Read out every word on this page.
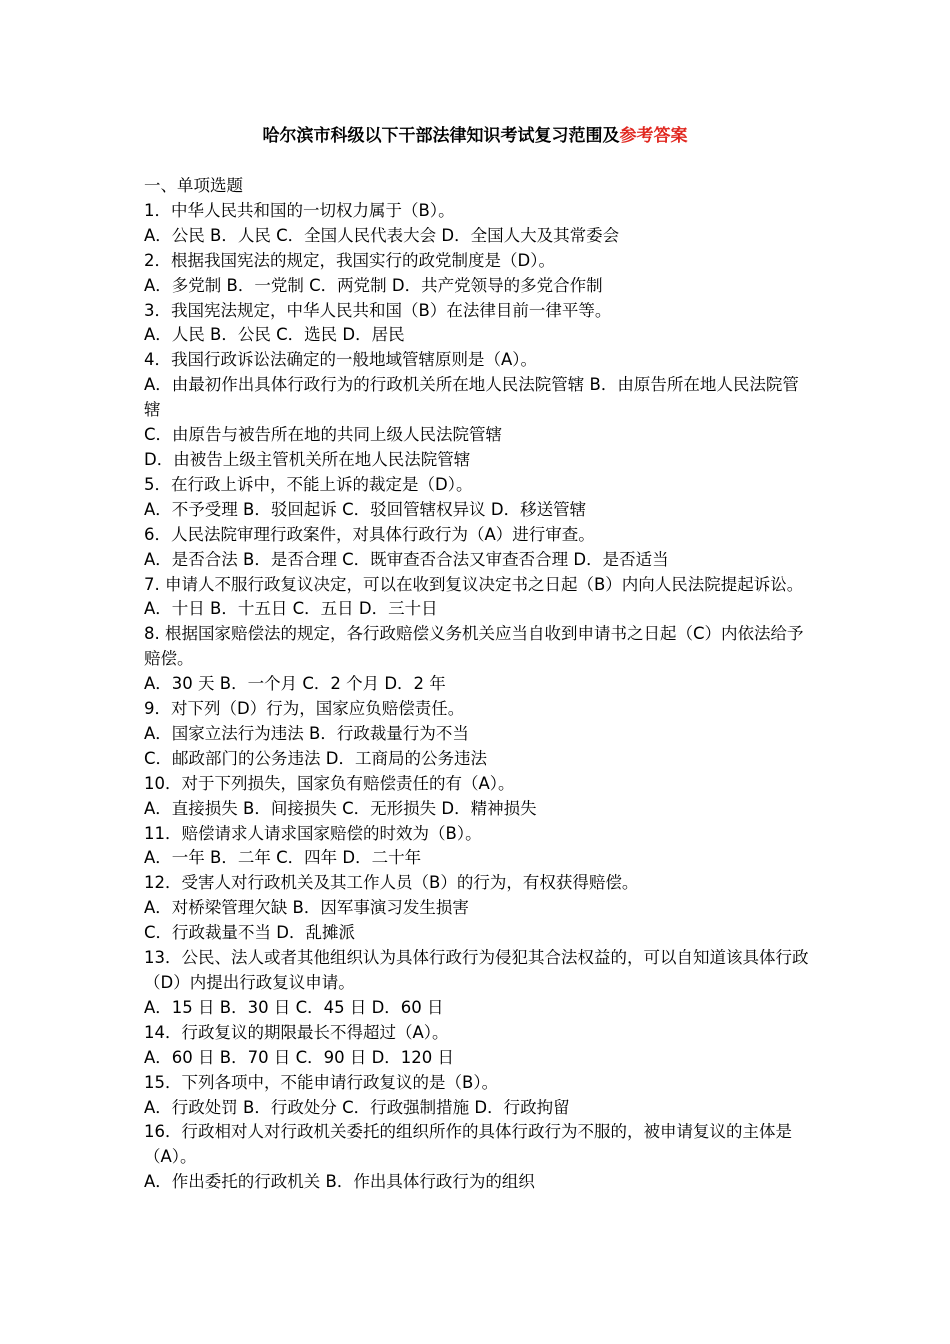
哈尔滨市科级以下干部法律知识考试复习范围及参考答案
一、单项选题
1．中华人民共和国的一切权力属于（B）。
A．公民 B．人民 C．全国人民代表大会 D．全国人大及其常委会
2．根据我国宪法的规定，我国实行的政党制度是（D）。
A．多党制 B．一党制 C．两党制 D．共产党领导的多党合作制
3．我国宪法规定，中华人民共和国（B）在法律目前一律平等。
A．人民 B．公民 C．选民 D．居民
4．我国行政诉讼法确定的一般地域管辖原则是（A）。
A．由最初作出具体行政行为的行政机关所在地人民法院管辖 B．由原告所在地人民法院管辖
C．由原告与被告所在地的共同上级人民法院管辖
D．由被告上级主管机关所在地人民法院管辖
5．在行政上诉中，不能上诉的裁定是（D）。
A．不予受理 B．驳回起诉 C．驳回管辖权异议 D．移送管辖
6．人民法院审理行政案件，对具体行政行为（A）进行审查。
A．是否合法 B．是否合理 C．既审查否合法又审查否合理 D．是否适当
7. 申请人不服行政复议决定，可以在收到复议决定书之日起（B）内向人民法院提起诉讼。
A．十日 B．十五日 C．五日 D．三十日
8. 根据国家赔偿法的规定，各行政赔偿义务机关应当自收到申请书之日起（C）内依法给予赔偿。
A．30 天 B．一个月 C．2 个月 D．2 年
9．对下列（D）行为，国家应负赔偿责任。
A．国家立法行为违法 B．行政裁量行为不当
C．邮政部门的公务违法 D．工商局的公务违法
10．对于下列损失，国家负有赔偿责任的有（A）。
A．直接损失 B．间接损失 C．无形损失 D．精神损失
11．赔偿请求人请求国家赔偿的时效为（B）。
A．一年 B．二年 C．四年 D．二十年
12．受害人对行政机关及其工作人员（B）的行为，有权获得赔偿。
A．对桥梁管理欠缺 B．因军事演习发生损害
C．行政裁量不当 D．乱摊派
13．公民、法人或者其他组织认为具体行政行为侵犯其合法权益的，可以自知道该具体行政（D）内提出行政复议申请。
A．15 日 B．30 日 C．45 日 D．60 日
14．行政复议的期限最长不得超过（A）。
A．60 日 B．70 日 C．90 日 D．120 日
15．下列各项中，不能申请行政复议的是（B）。
A．行政处罚 B．行政处分 C．行政强制措施 D．行政拘留
16．行政相对人对行政机关委托的组织所作的具体行政行为不服的，被申请复议的主体是（A）。
A．作出委托的行政机关 B．作出具体行政行为的组织
